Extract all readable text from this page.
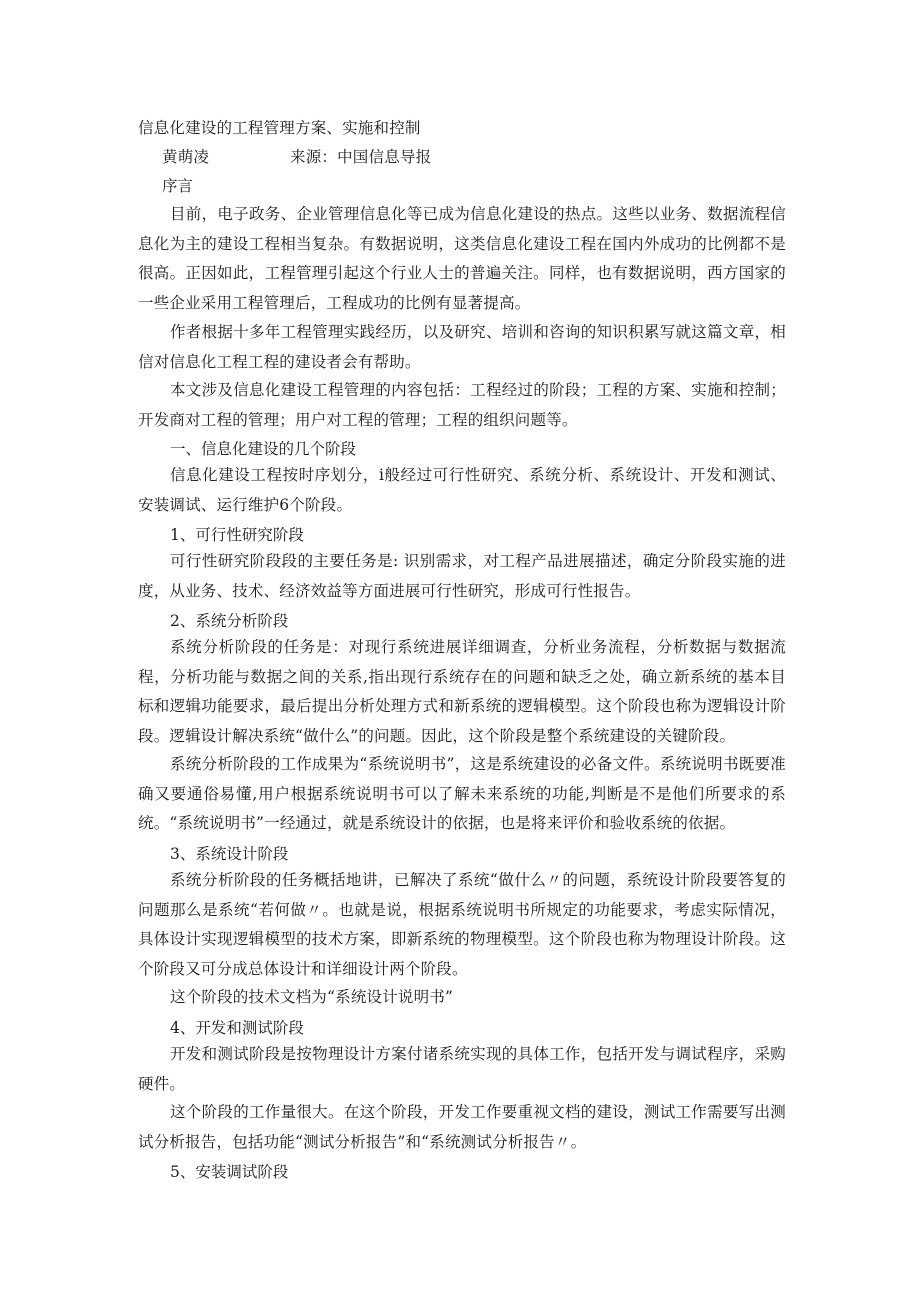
信息化建设的工程管理方案、实施和控制
黄萌凌	来源：中国信息导报
序言
目前，电子政务、企业管理信息化等已成为信息化建设的热点。这些以业务、数据流程信息化为主的建设工程相当复杂。有数据说明，这类信息化建设工程在国内外成功的比例都不是很高。正因如此，工程管理引起这个行业人士的普遍关注。同样，也有数据说明，西方国家的一些企业采用工程管理后，工程成功的比例有显著提高。
作者根据十多年工程管理实践经历，以及研究、培训和咨询的知识积累写就这篇文章，相信对信息化工程工程的建设者会有帮助。
本文涉及信息化建设工程管理的内容包括：工程经过的阶段；工程的方案、实施和控制；开发商对工程的管理；用户对工程的管理；工程的组织问题等。
一、信息化建设的几个阶段
信息化建设工程按时序划分，i般经过可行性研究、系统分析、系统设计、开发和测试、安装调试、运行维护6个阶段。
1、可行性研究阶段
可行性研究阶段段的主要任务是: 识别需求，对工程产品进展描述，确定分阶段实施的进度，从业务、技术、经济效益等方面进展可行性研究，形成可行性报告。
2、系统分析阶段
系统分析阶段的任务是：对现行系统进展详细调查，分析业务流程，分析数据与数据流程，分析功能与数据之间的关系,指出现行系统存在的问题和缺乏之处，确立新系统的基本目标和逻辑功能要求，最后提出分析处理方式和新系统的逻辑模型。这个阶段也称为逻辑设计阶段。逻辑设计解决系统“做什么”的问题。因此，这个阶段是整个系统建设的关键阶段。
系统分析阶段的工作成果为“系统说明书”，这是系统建设的必备文件。系统说明书既要准确又要通俗易懂,用户根据系统说明书可以了解未来系统的功能,判断是不是他们所要求的系统。“系统说明书”一经通过，就是系统设计的依据，也是将来评价和验收系统的依据。
3、系统设计阶段
系统分析阶段的任务概括地讲，已解决了系统“做什么〃的问题，系统设计阶段要答复的问题那么是系统“若何做〃。也就是说，根据系统说明书所规定的功能要求，考虑实际情况，具体设计实现逻辑模型的技术方案，即新系统的物理模型。这个阶段也称为物理设计阶段。这个阶段又可分成总体设计和详细设计两个阶段。
这个阶段的技术文档为“系统设计说明书”
4、开发和测试阶段
开发和测试阶段是按物理设计方案付诸系统实现的具体工作，包括开发与调试程序，采购硬件。
这个阶段的工作量很大。在这个阶段，开发工作要重视文档的建设，测试工作需要写出测试分析报告，包括功能“测试分析报告”和“系统测试分析报告〃。
5、安装调试阶段
